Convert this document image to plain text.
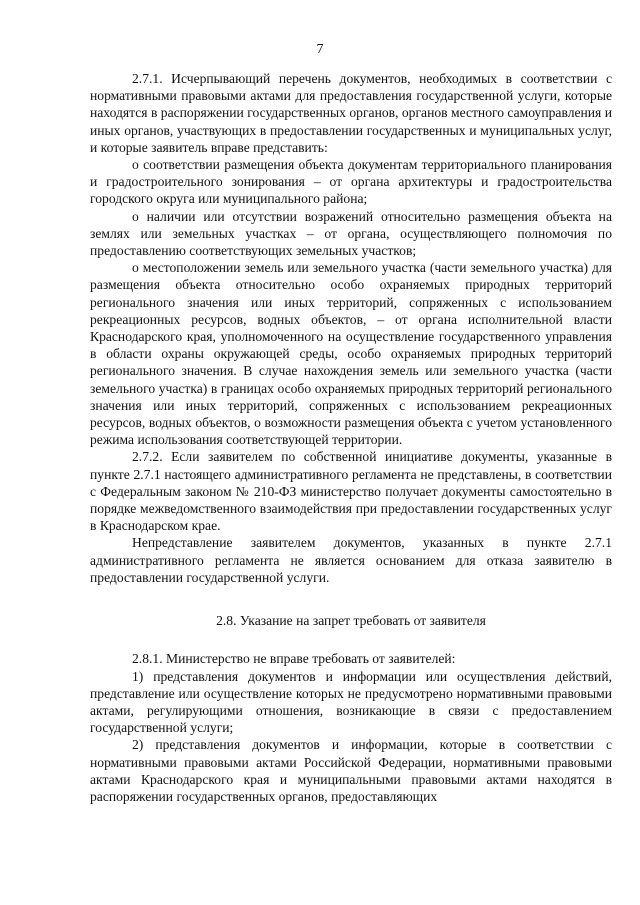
7

2.7.1. Исчерпывающий перечень документов, необходимых в соответствии с нормативными правовыми актами для предоставления государственной услуги, которые находятся в распоряжении государственных органов, органов местного самоуправления и иных органов, участвующих в предоставлении государственных и муниципальных услуг, и которые заявитель вправе представить:

о соответствии размещения объекта документам территориального планирования и градостроительного зонирования – от органа архитектуры и градостроительства городского округа или муниципального района;

о наличии или отсутствии возражений относительно размещения объекта на землях или земельных участках – от органа, осуществляющего полномочия по предоставлению соответствующих земельных участков;

о местоположении земель или земельного участка (части земельного участка) для размещения объекта относительно особо охраняемых природных территорий регионального значения или иных территорий, сопряженных с использованием рекреационных ресурсов, водных объектов, – от органа исполнительной власти Краснодарского края, уполномоченного на осуществление государственного управления в области охраны окружающей среды, особо охраняемых природных территорий регионального значения. В случае нахождения земель или земельного участка (части земельного участка) в границах особо охраняемых природных территорий регионального значения или иных территорий, сопряженных с использованием рекреационных ресурсов, водных объектов, о возможности размещения объекта с учетом установленного режима использования соответствующей территории.

2.7.2. Если заявителем по собственной инициативе документы, указанные в пункте 2.7.1 настоящего административного регламента не представлены, в соответствии с Федеральным законом № 210-ФЗ министерство получает документы самостоятельно в порядке межведомственного взаимодействия при предоставлении государственных услуг в Краснодарском крае.

Непредставление заявителем документов, указанных в пункте 2.7.1 административного регламента не является основанием для отказа заявителю в предоставлении государственной услуги.

2.8. Указание на запрет требовать от заявителя

2.8.1. Министерство не вправе требовать от заявителей:

1) представления документов и информации или осуществления действий, представление или осуществление которых не предусмотрено нормативными правовыми актами, регулирующими отношения, возникающие в связи с предоставлением государственной услуги;

2) представления документов и информации, которые в соответствии с нормативными правовыми актами Российской Федерации, нормативными правовыми актами Краснодарского края и муниципальными правовыми актами находятся в распоряжении государственных органов, предоставляющих
